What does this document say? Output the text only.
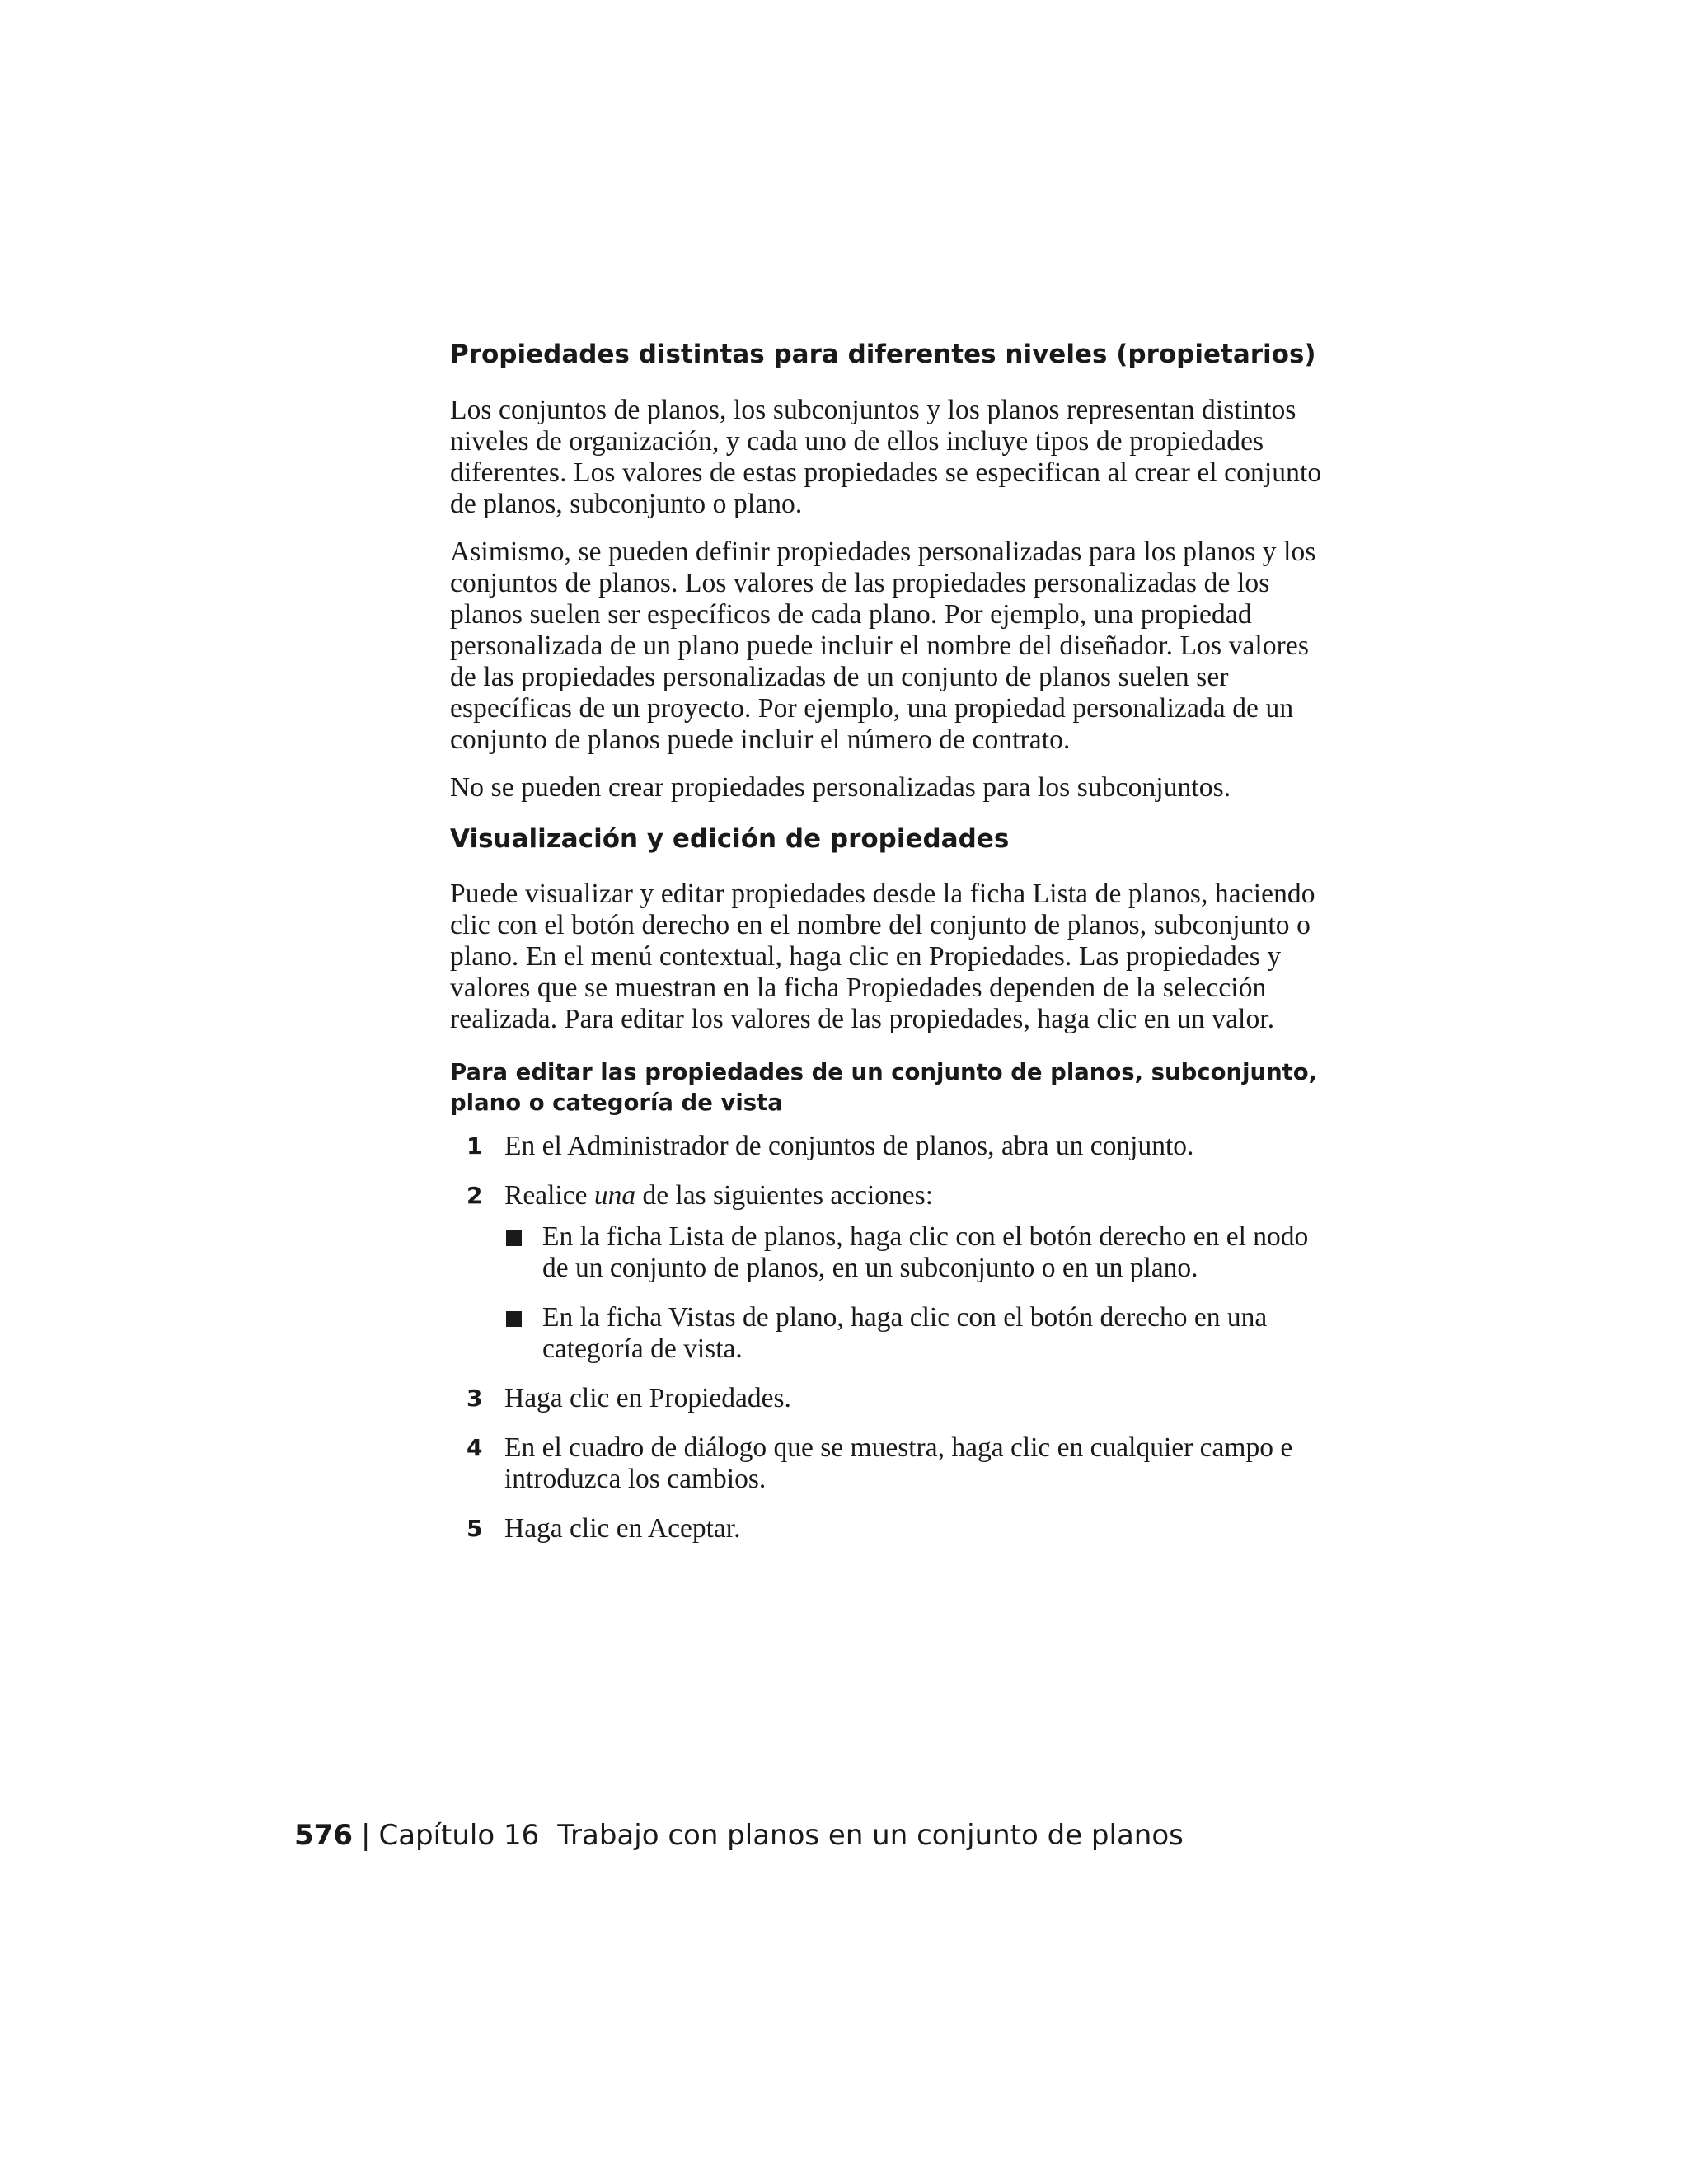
Propiedades distintas para diferentes niveles (propietarios)

Los conjuntos de planos, los subconjuntos y los planos representan distintos niveles de organización, y cada uno de ellos incluye tipos de propiedades diferentes. Los valores de estas propiedades se especifican al crear el conjunto de planos, subconjunto o plano.

Asimismo, se pueden definir propiedades personalizadas para los planos y los conjuntos de planos. Los valores de las propiedades personalizadas de los planos suelen ser específicos de cada plano. Por ejemplo, una propiedad personalizada de un plano puede incluir el nombre del diseñador. Los valores de las propiedades personalizadas de un conjunto de planos suelen ser específicas de un proyecto. Por ejemplo, una propiedad personalizada de un conjunto de planos puede incluir el número de contrato.

No se pueden crear propiedades personalizadas para los subconjuntos.

Visualización y edición de propiedades

Puede visualizar y editar propiedades desde la ficha Lista de planos, haciendo clic con el botón derecho en el nombre del conjunto de planos, subconjunto o plano. En el menú contextual, haga clic en Propiedades. Las propiedades y valores que se muestran en la ficha Propiedades dependen de la selección realizada. Para editar los valores de las propiedades, haga clic en un valor.

Para editar las propiedades de un conjunto de planos, subconjunto, plano o categoría de vista
1 En el Administrador de conjuntos de planos, abra un conjunto.
2 Realice una de las siguientes acciones:
En la ficha Lista de planos, haga clic con el botón derecho en el nodo de un conjunto de planos, en un subconjunto o en un plano.
En la ficha Vistas de plano, haga clic con el botón derecho en una categoría de vista.
3 Haga clic en Propiedades.
4 En el cuadro de diálogo que se muestra, haga clic en cualquier campo e introduzca los cambios.
5 Haga clic en Aceptar.
576 | Capítulo 16 Trabajo con planos en un conjunto de planos
